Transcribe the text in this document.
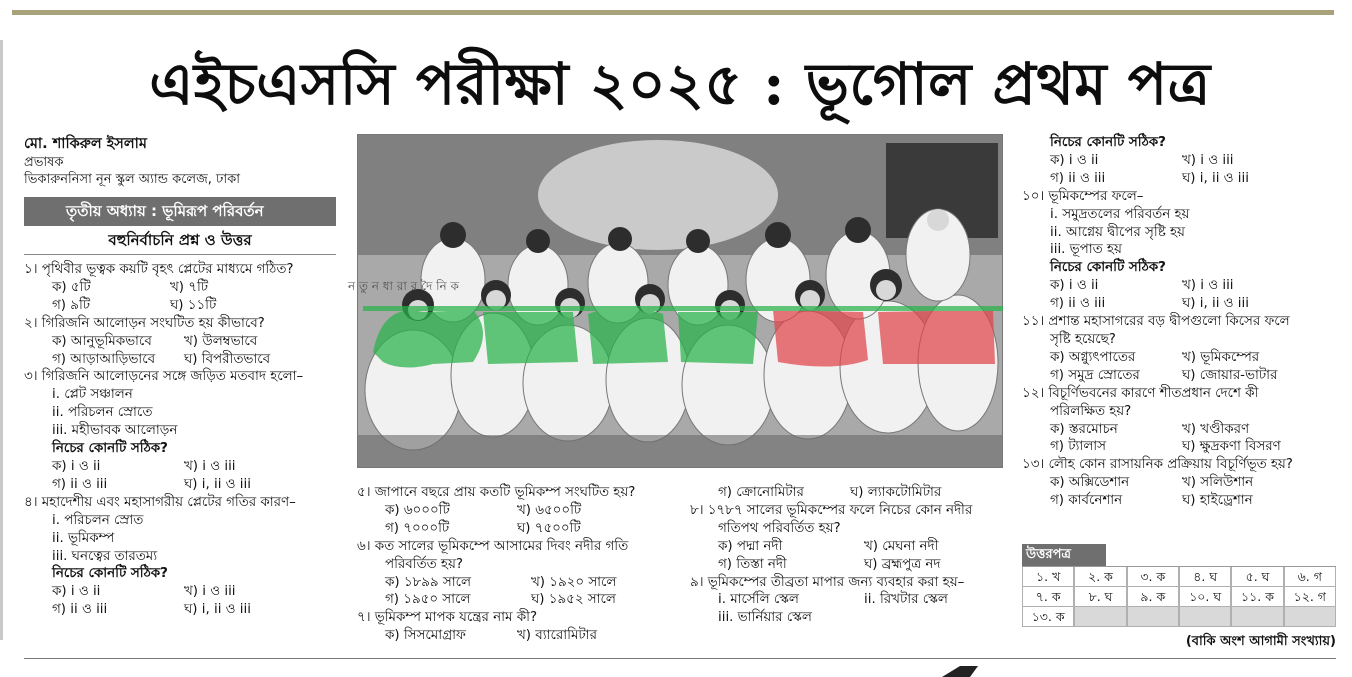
এইচএসসি পরীক্ষা ২০২৫ : ভূগোল প্রথম পত্র
মো. শাকিরুল ইসলাম
প্রভাষক
ভিকারুননিসা নূন স্কুল অ্যান্ড কলেজ, ঢাকা
তৃতীয় অধ্যায় : ভূমিরূপ পরিবর্তন
বহুনির্বাচনি প্রশ্ন ও উত্তর
১। পৃথিবীর ভূত্বক কয়টি বৃহৎ প্লেটের মাধ্যমে গঠিত?
ক) ৫টি	খ) ৭টি
গ) ৯টি	ঘ) ১১টি
২। গিরিজনি আলোড়ন সংঘটিত হয় কীভাবে?
ক) আনুভূমিকভাবে	খ) উলম্বভাবে
গ) আড়াআড়িভাবে	ঘ) বিপরীতভাবে
৩। গিরিজনি আলোড়নের সঙ্গে জড়িত মতবাদ হলো–
i. প্লেট সঞ্চালন
ii. পরিচলন স্রোতে
iii. মহীভাবক আলোড়ন
নিচের কোনটি সঠিক?
ক) i ও ii	খ) i ও iii
গ) ii ও iii	ঘ) i, ii ও iii
৪। মহাদেশীয় এবং মহাসাগরীয় প্লেটের গতির কারণ–
i. পরিচলন স্রোত
ii. ভূমিকম্প
iii. ঘনত্বের তারতম্য
নিচের কোনটি সঠিক?
ক) i ও ii	খ) i ও iii
গ) ii ও iii	ঘ) i, ii ও iii
ন তু ন ধা রা র দৈ নি ক
৫। জাপানে বছরে প্রায় কতটি ভূমিকম্প সংঘটিত হয়?
ক) ৬০০০টি	খ) ৬৫০০টি
গ) ৭০০০টি	ঘ) ৭৫০০টি
৬। কত সালের ভূমিকম্পে আসামের দিবং নদীর গতি
পরিবর্তিত হয়?
ক) ১৮৯৯ সালে	খ) ১৯২০ সালে
গ) ১৯৫০ সালে	ঘ) ১৯৫২ সালে
৭। ভূমিকম্প মাপক যন্ত্রের নাম কী?
ক) সিসমোগ্রাফ	খ) ব্যারোমিটার
গ) ক্রোনোমিটার	ঘ) ল্যাকটোমিটার
৮। ১৭৮৭ সালের ভূমিকম্পের ফলে নিচের কোন নদীর
গতিপথ পরিবর্তিত হয়?
ক) পদ্মা নদী	খ) মেঘনা নদী
গ) তিস্তা নদী	ঘ) ব্রহ্মপুত্র নদ
৯। ভূমিকম্পের তীব্রতা মাপার জন্য ব্যবহার করা হয়–
i. মার্সেলি স্কেল	ii. রিখটার স্কেল
iii. ভার্নিয়ার স্কেল
নিচের কোনটি সঠিক?
ক) i ও ii	খ) i ও iii
গ) ii ও iii	ঘ) i, ii ও iii
১০। ভূমিকম্পের ফলে–
i. সমুদ্রতলের পরিবর্তন হয়
ii. আগ্নেয় দ্বীপের সৃষ্টি হয়
iii. ভূপাত হয়
নিচের কোনটি সঠিক?
ক) i ও ii	খ) i ও iii
গ) ii ও iii	ঘ) i, ii ও iii
১১। প্রশান্ত মহাসাগরের বড় দ্বীপগুলো কিসের ফলে
সৃষ্টি হয়েছে?
ক) অগ্ন্যুৎপাতের	খ) ভূমিকম্পের
গ) সমুদ্র স্রোতের	ঘ) জোয়ার-ভাটার
১২। বিচূর্ণিভবনের কারণে শীতপ্রধান দেশে কী
পরিলক্ষিত হয়?
ক) স্তরমোচন	খ) খণ্ডীকরণ
গ) ট্যালাস	ঘ) ক্ষুদ্রকণা বিসরণ
১৩। লৌহ কোন রাসায়নিক প্রক্রিয়ায় বিচূর্ণিভূত হয়?
ক) অক্সিডেশান	খ) সলিউশান
গ) কার্বনেশান	ঘ) হাইড্রেশান
উত্তরপত্র
১. খ	২. ক	৩. ক	৪. ঘ	৫. ঘ	৬. গ
৭. ক	৮. ঘ	৯. ক	১০. ঘ	১১. ক	১২. গ
১৩. ক
(বাকি অংশ আগামী সংখ্যায়)
